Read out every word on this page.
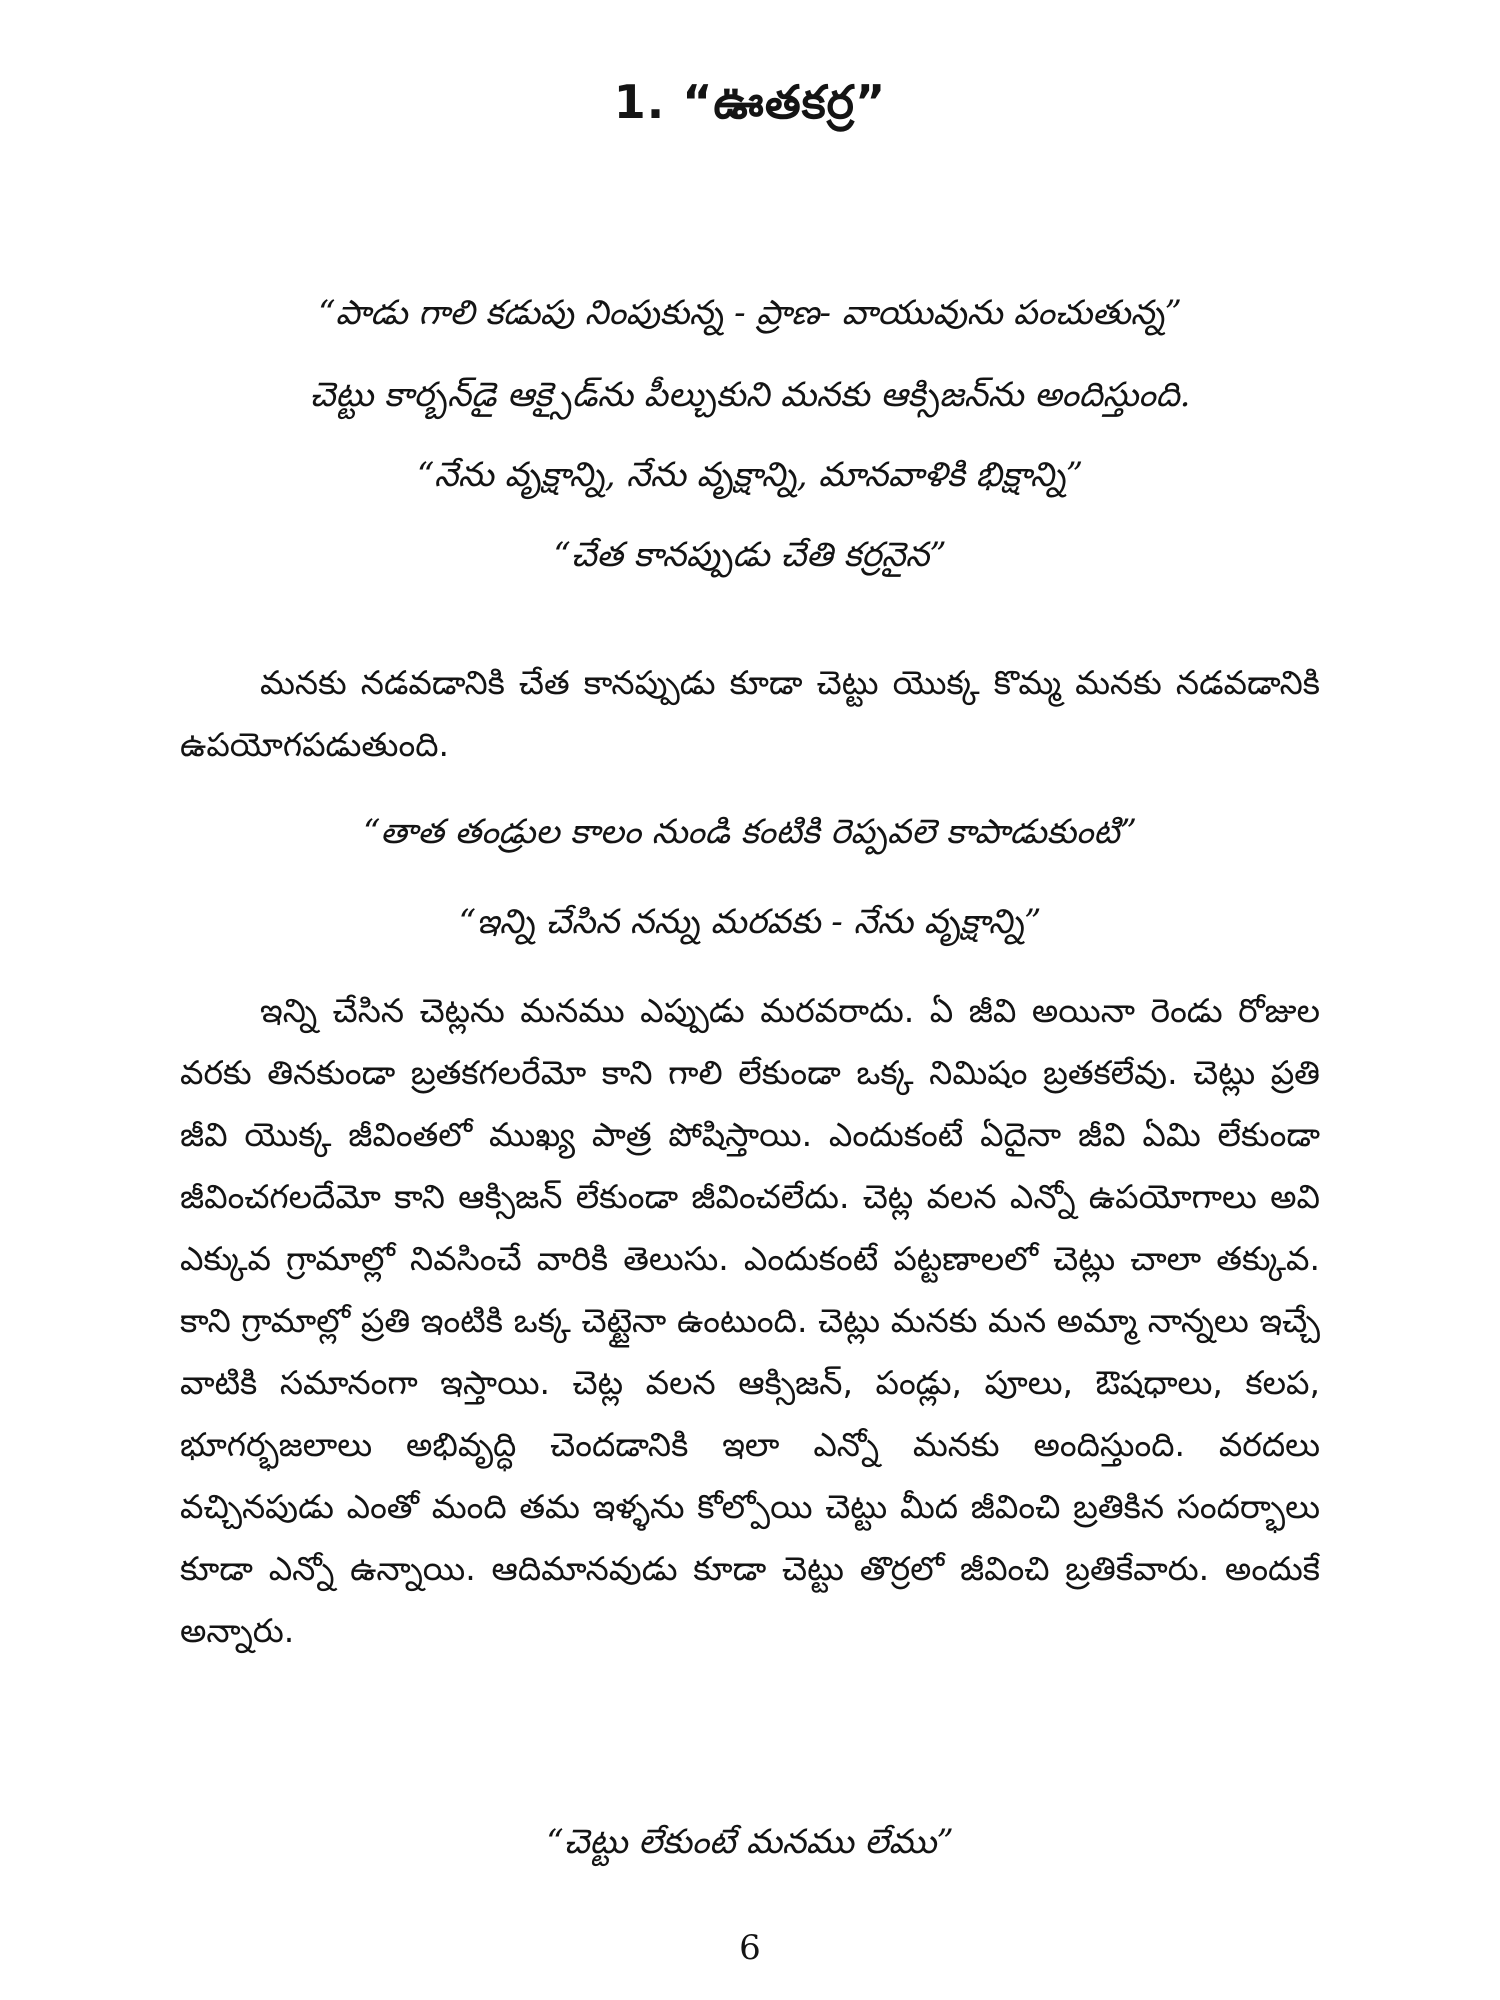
1. “ఊతకర్ర”

“పాడు గాలి కడుపు నింపుకున్న - ప్రాణ- వాయువును పంచుతున్న”

చెట్టు కార్బన్‌డై ఆక్సైడ్‌ను పీల్చుకుని మనకు ఆక్సిజన్‌ను అందిస్తుంది.

“నేను వృక్షాన్ని, నేను వృక్షాన్ని, మానవాళికి భిక్షాన్ని”

“చేత కానప్పుడు చేతి కర్రనైన”

మనకు నడవడానికి చేత కానప్పుడు కూడా చెట్టు యొక్క కొమ్మ మనకు నడవడానికి ఉపయోగపడుతుంది.

“తాత తండ్రుల కాలం నుండి కంటికి రెప్పవలె కాపాడుకుంటి”

“ఇన్ని చేసిన నన్ను మరవకు - నేను వృక్షాన్ని”

ఇన్ని చేసిన చెట్లను మనము ఎప్పుడు మరవరాదు. ఏ జీవి అయినా రెండు రోజుల వరకు తినకుండా బ్రతకగలరేమో కాని గాలి లేకుండా ఒక్క నిమిషం బ్రతకలేవు. చెట్లు ప్రతి జీవి యొక్క జీవింతలో ముఖ్య పాత్ర పోషిస్తాయి. ఎందుకంటే ఏదైనా జీవి ఏమి లేకుండా జీవించగలదేమో కాని ఆక్సిజన్ లేకుండా జీవించలేదు. చెట్ల వలన ఎన్నో ఉపయోగాలు అవి ఎక్కువ గ్రామాల్లో నివసించే వారికి తెలుసు. ఎందుకంటే పట్టణాలలో చెట్లు చాలా తక్కువ. కాని గ్రామాల్లో ప్రతి ఇంటికి ఒక్క చెట్టైనా ఉంటుంది. చెట్లు మనకు మన అమ్మా నాన్నలు ఇచ్చే వాటికి సమానంగా ఇస్తాయి. చెట్ల వలన ఆక్సిజన్, పండ్లు, పూలు, ఔషధాలు, కలప, భూగర్భజలాలు అభివృద్ధి చెందడానికి ఇలా ఎన్నో మనకు అందిస్తుంది. వరదలు వచ్చినపుడు ఎంతో మంది తమ ఇళ్ళను కోల్పోయి చెట్టు మీద జీవించి బ్రతికిన సందర్భాలు కూడా ఎన్నో ఉన్నాయి. ఆదిమానవుడు కూడా చెట్టు తొర్రలో జీవించి బ్రతికేవారు. అందుకే అన్నారు.

“చెట్టు లేకుంటే మనము లేము”

6
